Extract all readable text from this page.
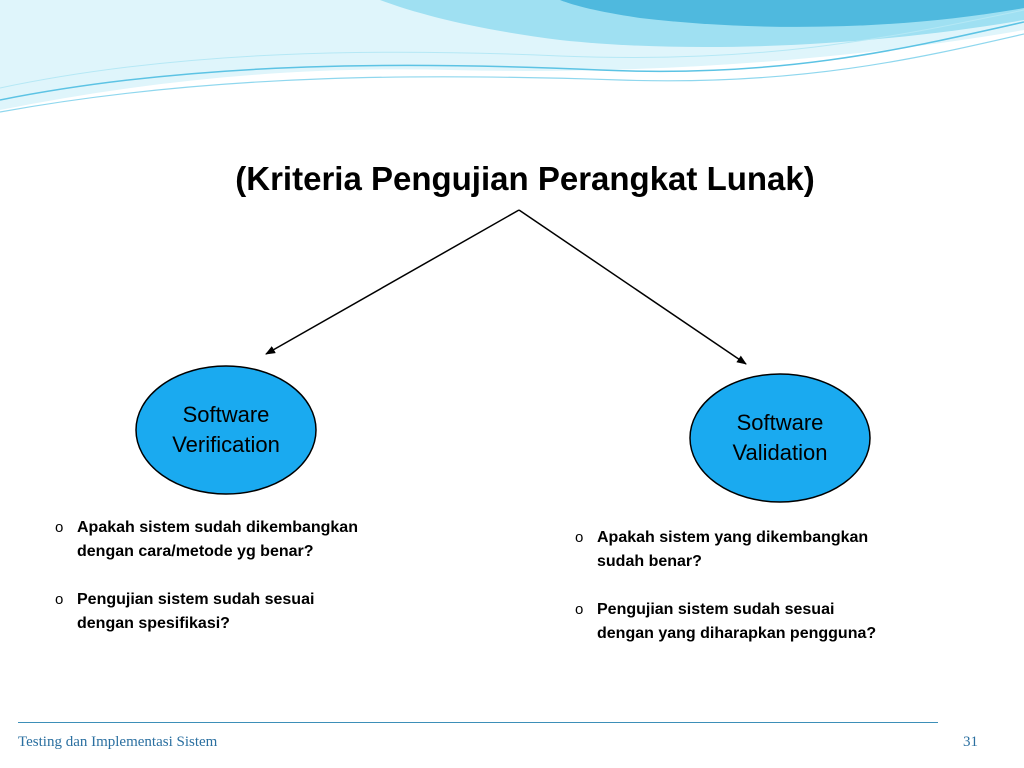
(Kriteria Pengujian Perangkat Lunak)
Software
Verification
Software
Validation
o Apakah sistem sudah dikembangkan
dengan cara/metode yg benar?
o Pengujian sistem sudah sesuai
dengan spesifikasi?
o Apakah sistem yang dikembangkan
sudah benar?
o Pengujian sistem sudah sesuai
dengan yang diharapkan pengguna?
Testing dan Implementasi Sistem	31
